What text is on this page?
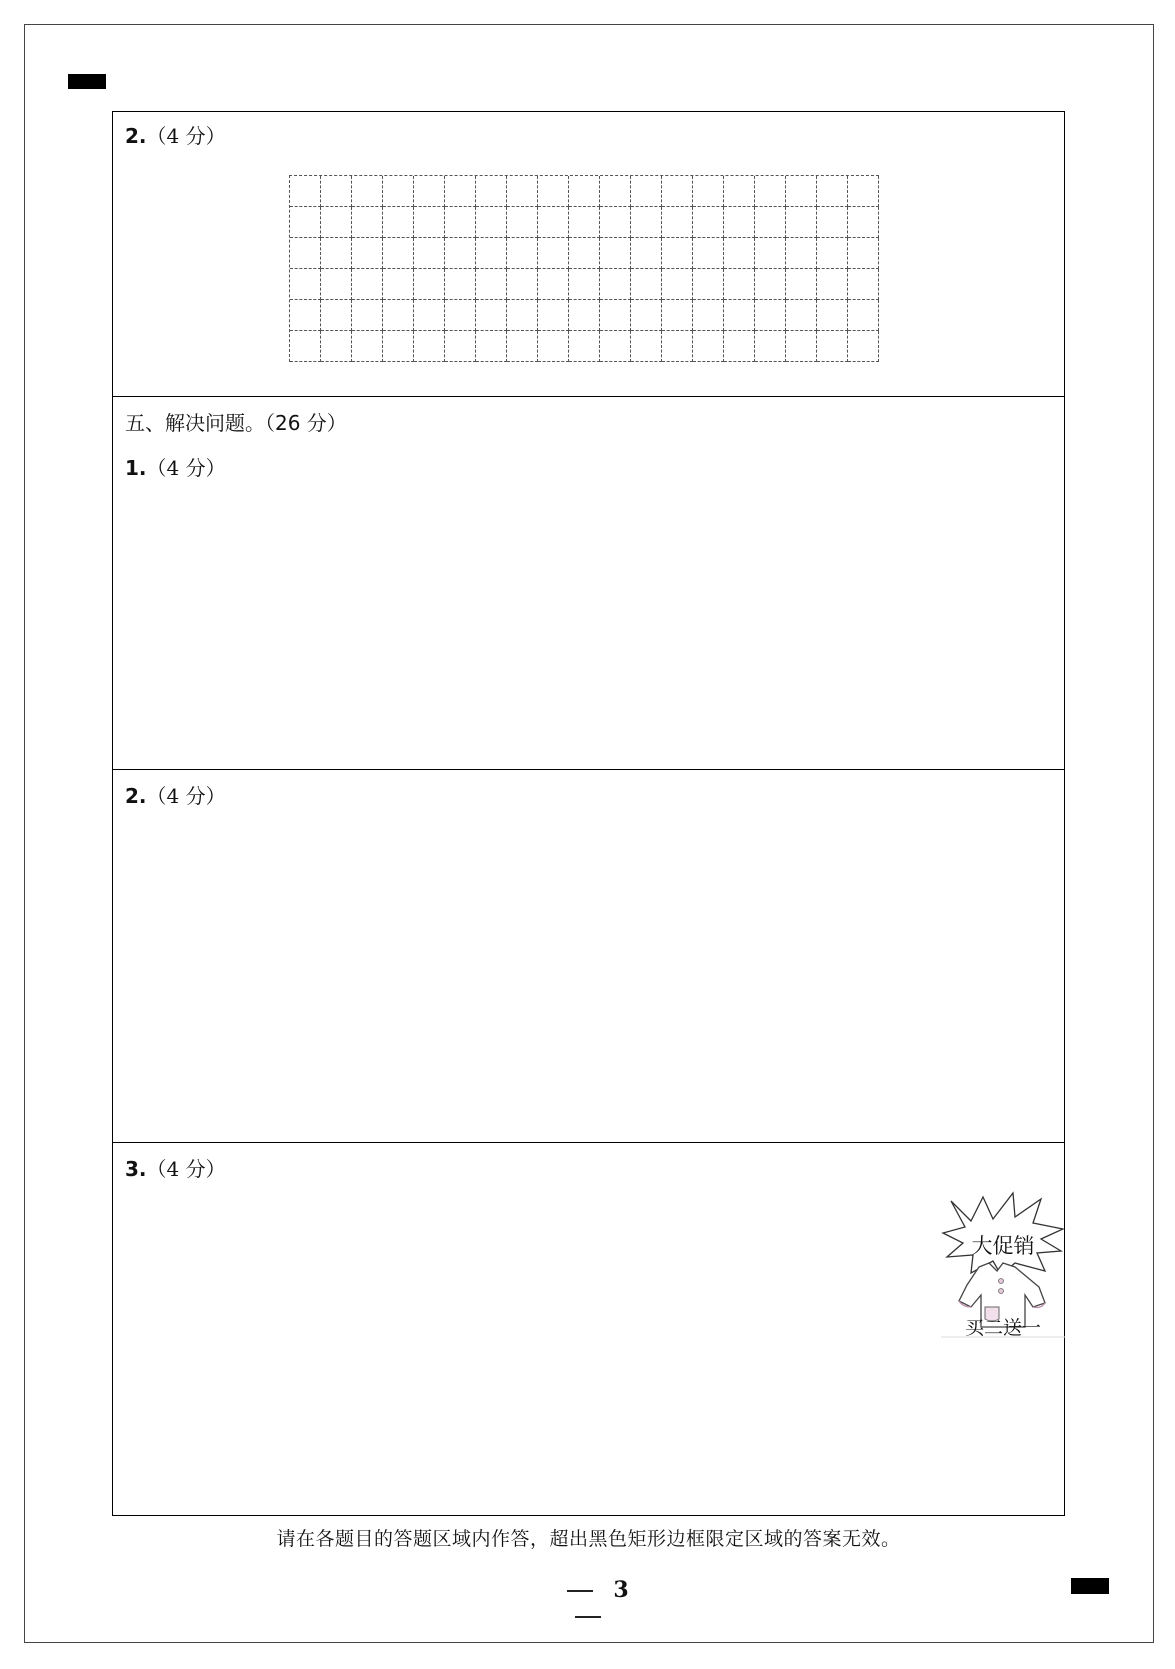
2.（4 分）
五、解决问题。（26 分）
1.（4 分）
2.（4 分）
3.（4 分）
大促销
买二送一
请在各题目的答题区域内作答，超出黑色矩形边框限定区域的答案无效。
3
